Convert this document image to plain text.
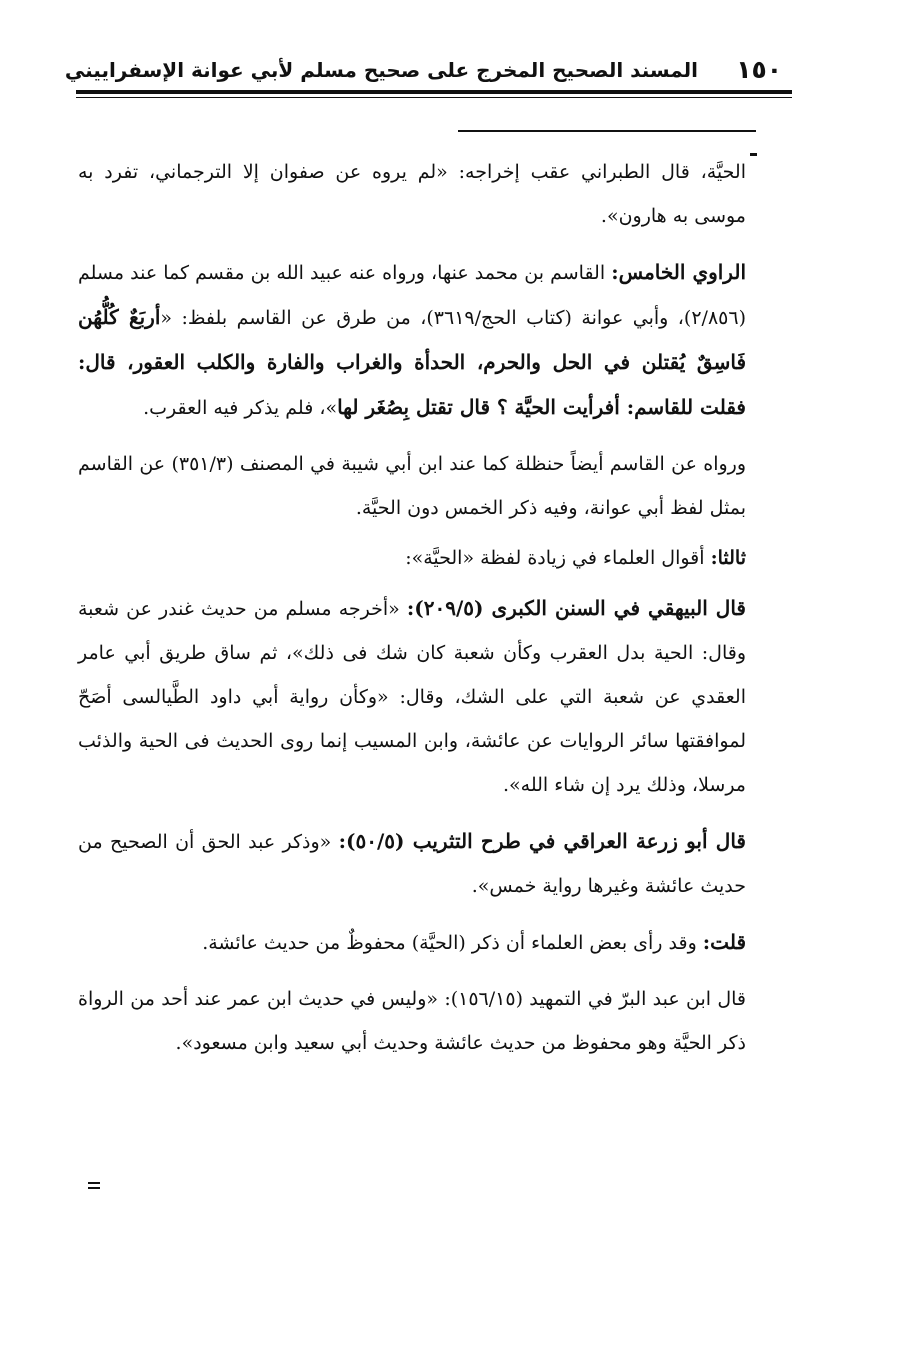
١٥٠
المسند الصحيح المخرج على صحيح مسلم لأبي عوانة الإسفراييني

الحيَّة، قال الطبراني عقب إخراجه: «لم يروه عن صفوان إلا الترجماني، تفرد به موسى به هارون».

الراوي الخامس: القاسم بن محمد عنها، ورواه عنه عبيد الله بن مقسم كما عند مسلم (٢/٨٥٦)، وأبي عوانة (كتاب الحج/٣٦١٩)، من طرق عن القاسم بلفظ: «أربَعٌ كُلُّهُن فَاسِقٌ يُقتلن في الحل والحرم، الحدأة والغراب والفارة والكلب العقور، قال: فقلت للقاسم: أفرأيت الحيَّة ؟ قال تقتل بِصُغَر لها»، فلم يذكر فيه العقرب.

ورواه عن القاسم أيضاً حنظلة كما عند ابن أبي شيبة في المصنف (٣٥١/٣) عن القاسم بمثل لفظ أبي عوانة، وفيه ذكر الخمس دون الحيَّة.

ثالثا: أقوال العلماء في زيادة لفظة «الحيَّة»:

قال البيهقي في السنن الكبرى (٢٠٩/٥): «أخرجه مسلم من حديث غندر عن شعبة وقال: الحية بدل العقرب وكأن شعبة كان شك فى ذلك»، ثم ساق طريق أبي عامر العقدي عن شعبة التي على الشك، وقال: «وكأن رواية أبي داود الطَّيالسى أصَحّ لموافقتها سائر الروايات عن عائشة، وابن المسيب إنما روى الحديث فى الحية والذئب مرسلا، وذلك يرد إن شاء الله».

قال أبو زرعة العراقي في طرح التثريب (٥٠/٥): «وذكر عبد الحق أن الصحيح من حديث عائشة وغيرها رواية خمس».

قلت: وقد رأى بعض العلماء أن ذكر (الحيَّة) محفوظٌ من حديث عائشة.

قال ابن عبد البرّ في التمهيد (١٥٦/١٥): «وليس في حديث ابن عمر عند أحد من الرواة ذكر الحيَّة وهو محفوظ من حديث عائشة وحديث أبي سعيد وابن مسعود».
